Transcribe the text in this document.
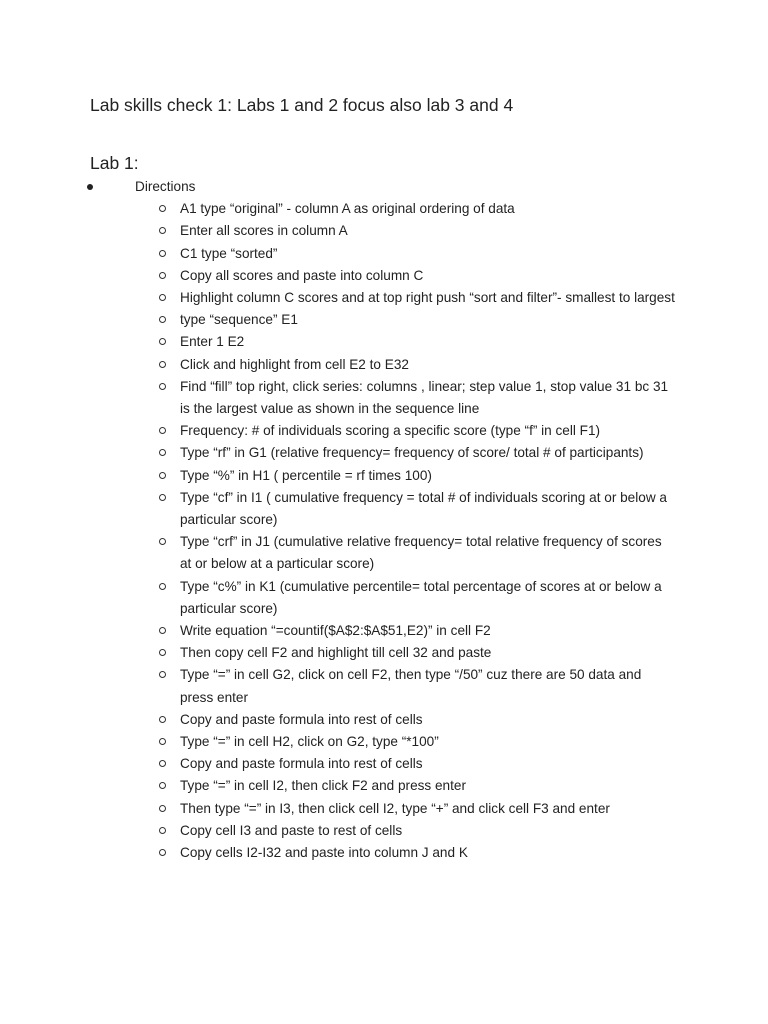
Lab skills check 1: Labs 1 and 2 focus also lab 3 and 4
Lab 1:
Directions
A1 type “original” - column A as original ordering of data
Enter all scores in column A
C1 type “sorted”
Copy all scores and paste into column C
Highlight column C scores and at top right push “sort and filter”- smallest to largest
type “sequence” E1
Enter 1 E2
Click and highlight from cell E2 to E32
Find “fill” top right, click series: columns , linear; step value 1, stop value 31 bc 31 is the largest value as shown in the sequence line
Frequency: # of individuals scoring a specific score (type “f” in cell F1)
Type “rf” in G1 (relative frequency= frequency of score/ total # of participants)
Type “%” in H1 ( percentile = rf times 100)
Type “cf” in I1 ( cumulative frequency = total # of individuals scoring at or below a particular score)
Type “crf” in J1 (cumulative relative frequency= total relative frequency of scores at or below at a particular score)
Type “c%” in K1 (cumulative percentile= total percentage of scores at or below a particular score)
Write equation “=countif($A$2:$A$51,E2)” in cell F2
Then copy cell F2 and highlight till cell 32 and paste
Type “=” in cell G2, click on cell F2, then type “/50” cuz there are 50 data and press enter
Copy and paste formula into rest of cells
Type “=” in cell H2, click on G2, type “*100”
Copy and paste formula into rest of cells
Type “=” in cell I2, then click F2 and press enter
Then type “=” in I3, then click cell I2, type “+” and click cell F3 and enter
Copy cell I3 and paste to rest of cells
Copy cells I2-I32 and paste into column J and K
